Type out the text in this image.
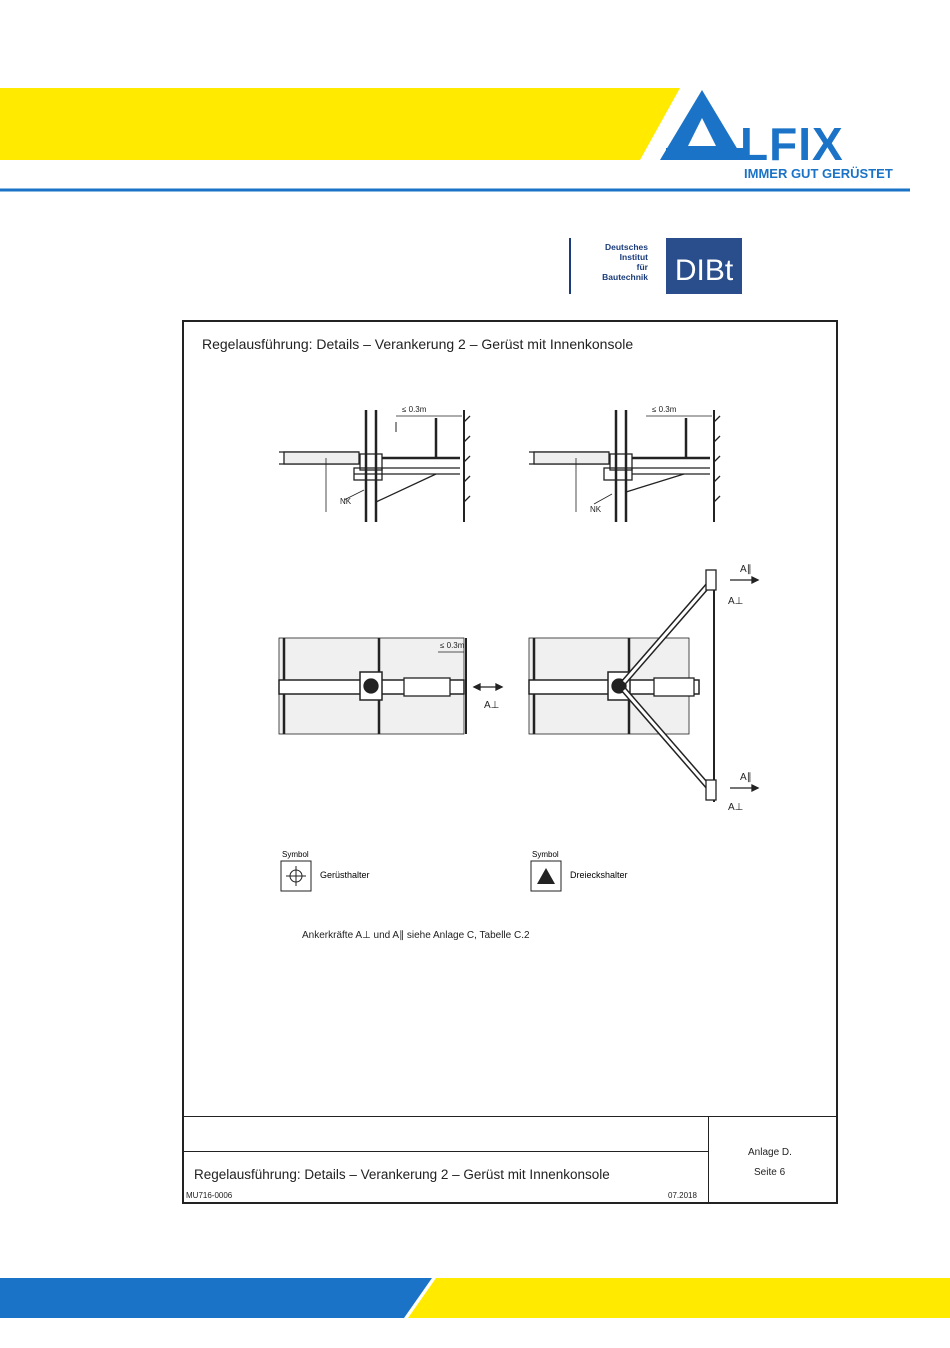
LFIX
IMMER GUT GERÜSTET
Deutsches
Institut
für
Bautechnik DIBt
Regelausführung: Details – Verankerung 2 – Gerüst mit Innenkonsole
≤ 0.3m	≤ 0.3m
≤ 0.3m
NK
NK
A⊥
A∥
A⊥
A∥
A⊥
Symbol
Gerüsthalter
Symbol
Dreieckshalter
Ankerkräfte A⊥ und A∥ siehe Anlage C, Tabelle C.2
Regelausführung: Details – Verankerung 2 – Gerüst mit Innenkonsole
MU716-0006	07.2018
Anlage D.
Seite 6
